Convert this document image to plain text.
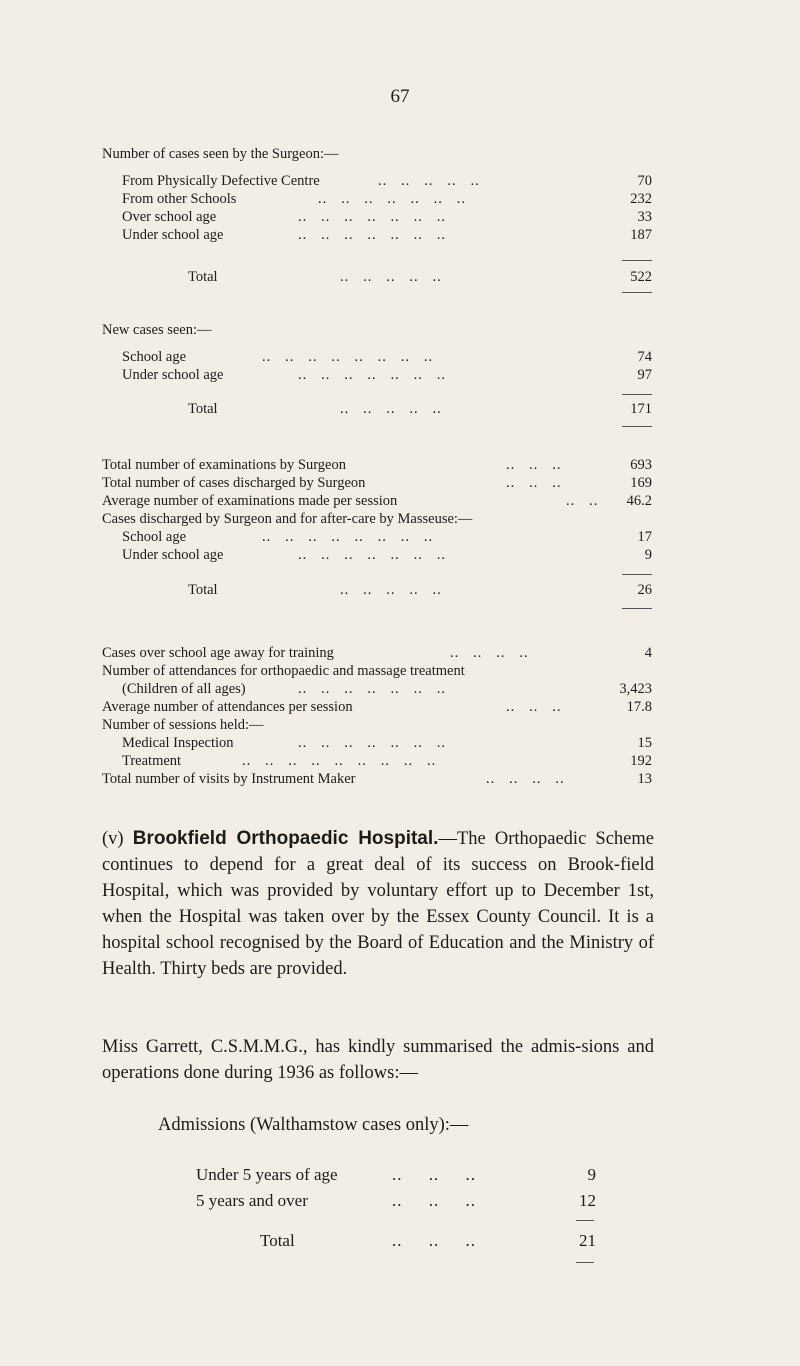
67
Number of cases seen by the Surgeon:—
From Physically Defective Centre	..   ..   ..   ..   ..	70
From other Schools	..   ..   ..   ..   ..   ..   ..	232
Over school age	..   ..   ..   ..   ..   ..   ..	33
Under school age	..   ..   ..   ..   ..   ..   ..	187
Total	..   ..   ..   ..   ..	522
New cases seen:—
School age	..   ..   ..   ..   ..   ..   ..   ..	74
Under school age	..   ..   ..   ..   ..   ..   ..	97
Total	..   ..   ..   ..   ..	171
Total number of examinations by Surgeon	..   ..   ..	693
Total number of cases discharged by Surgeon	..   ..   ..	169
Average number of examinations made per session	..   .. 46.2
Cases discharged by Surgeon and for after-care by Masseuse:—
School age	..   ..   ..   ..   ..   ..   ..   ..	17
Under school age	..   ..   ..   ..   ..   ..   ..	9
Total	..   ..   ..   ..   ..	26
Cases over school age away for training	..   ..   ..   ..	4
Number of attendances for orthopaedic and massage treatment
(Children of all ages)	..   ..   ..   ..   ..   ..   ..	3,423
Average number of attendances per session	..   ..   ..	17.8
Number of sessions held:—
Medical Inspection	..   ..   ..   ..   ..   ..   ..	15
Treatment	..   ..   ..   ..   ..   ..   ..   ..   ..	192
Total number of visits by Instrument Maker	..   ..   ..   ..	13
(v) Brookfield Orthopaedic Hospital.—The Orthopaedic Scheme continues to depend for a great deal of its success on Brook-field Hospital, which was provided by voluntary effort up to December 1st, when the Hospital was taken over by the Essex County Council. It is a hospital school recognised by the Board of Education and the Ministry of Health. Thirty beds are provided.
Miss Garrett, C.S.M.M.G., has kindly summarised the admis-sions and operations done during 1936 as follows:—
Admissions (Walthamstow cases only):—
Under 5 years of age	..     ..     ..	9
5 years and over	..     ..     ..	12
Total	..     ..     ..	21
